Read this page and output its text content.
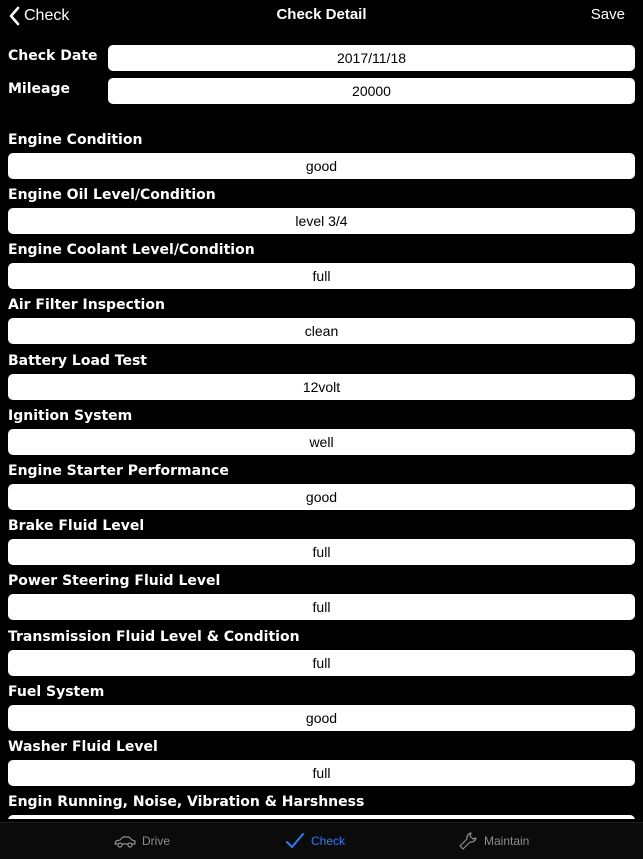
Check	Check Detail	Save
Check Date	2017/11/18
Mileage	20000
Engine Condition
good
Engine Oil Level/Condition
level 3/4
Engine Coolant Level/Condition
full
Air Filter Inspection
clean
Battery Load Test
12volt
Ignition System
well
Engine Starter Performance
good
Brake Fluid Level
full
Power Steering Fluid Level
full
Transmission Fluid Level & Condition
full
Fuel System
good
Washer Fluid Level
full
Engin Running, Noise, Vibration & Harshness
Drive	Check	Maintain
